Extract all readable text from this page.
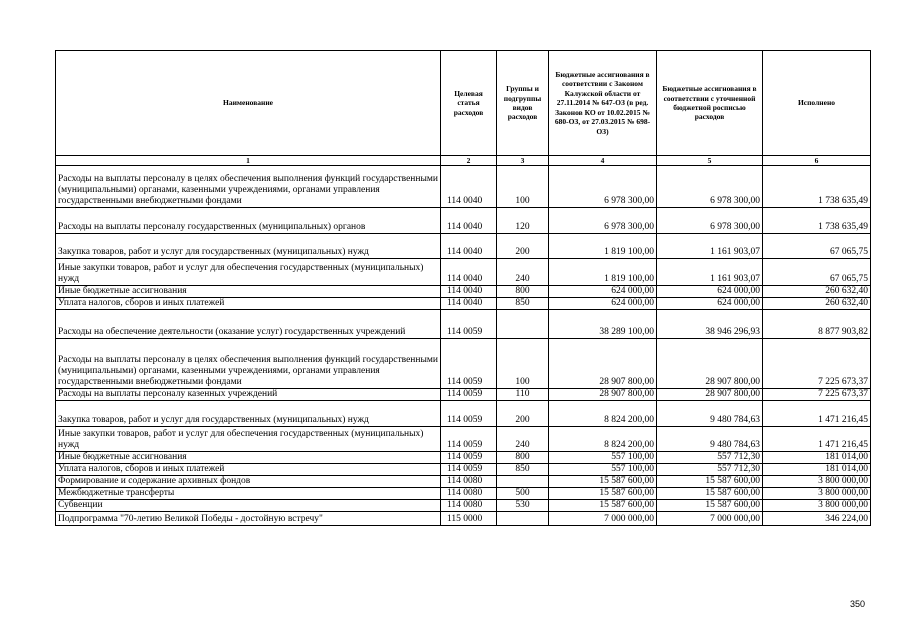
Наименование	Целевая статья расходов	Группы и подгруппы видов расходов	Бюджетные ассигнования в соответствии с Законом Калужской области от 27.11.2014 № 647-ОЗ (в ред. Законов КО от 10.02.2015 № 680-ОЗ, от 27.03.2015 № 698-ОЗ)	Бюджетные ассигнования в соответствии с уточненной бюджетной росписью расходов	Исполнено
1	2	3	4	5	6
Расходы на выплаты персоналу в целях обеспечения выполнения функций государственными (муниципальными) органами, казенными учреждениями, органами управления государственными внебюджетными фондами	114 0040	100	6 978 300,00	6 978 300,00	1 738 635,49
Расходы на выплаты персоналу государственных (муниципальных) органов	114 0040	120	6 978 300,00	6 978 300,00	1 738 635,49
Закупка товаров, работ и услуг для государственных (муниципальных) нужд	114 0040	200	1 819 100,00	1 161 903,07	67 065,75
Иные закупки товаров, работ и услуг для обеспечения государственных (муниципальных) нужд	114 0040	240	1 819 100,00	1 161 903,07	67 065,75
Иные бюджетные ассигнования	114 0040	800	624 000,00	624 000,00	260 632,40
Уплата налогов, сборов и иных платежей	114 0040	850	624 000,00	624 000,00	260 632,40
Расходы на обеспечение деятельности (оказание услуг) государственных учреждений	114 0059		38 289 100,00	38 946 296,93	8 877 903,82
Расходы на выплаты персоналу в целях обеспечения выполнения функций государственными (муниципальными) органами, казенными учреждениями, органами управления государственными внебюджетными фондами	114 0059	100	28 907 800,00	28 907 800,00	7 225 673,37
Расходы на выплаты персоналу казенных учреждений	114 0059	110	28 907 800,00	28 907 800,00	7 225 673,37
Закупка товаров, работ и услуг для государственных (муниципальных) нужд	114 0059	200	8 824 200,00	9 480 784,63	1 471 216,45
Иные закупки товаров, работ и услуг для обеспечения государственных (муниципальных) нужд	114 0059	240	8 824 200,00	9 480 784,63	1 471 216,45
Иные бюджетные ассигнования	114 0059	800	557 100,00	557 712,30	181 014,00
Уплата налогов, сборов и иных платежей	114 0059	850	557 100,00	557 712,30	181 014,00
Формирование и содержание архивных фондов	114 0080		15 587 600,00	15 587 600,00	3 800 000,00
Межбюджетные трансферты	114 0080	500	15 587 600,00	15 587 600,00	3 800 000,00
Субвенции	114 0080	530	15 587 600,00	15 587 600,00	3 800 000,00
Подпрограмма "70-летию Великой Победы - достойную встречу"	115 0000		7 000 000,00	7 000 000,00	346 224,00
350
